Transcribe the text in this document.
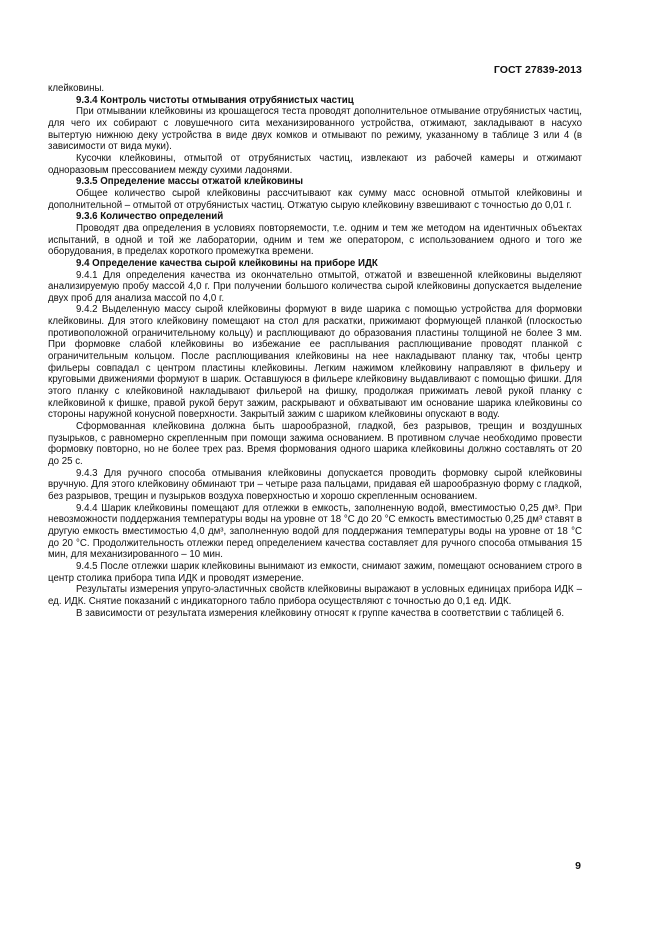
ГОСТ 27839-2013

клейковины.

9.3.4 Контроль чистоты отмывания отрубянистых частиц

При отмывании клейковины из крошащегося теста проводят дополнительное отмывание отрубянистых частиц, для чего их собирают с ловушечного сита механизированного устройства, отжимают, закладывают в насухо вытертую нижнюю деку устройства в виде двух комков и отмывают по режиму, указанному в таблице 3 или 4 (в зависимости от вида муки).

Кусочки клейковины, отмытой от отрубянистых частиц, извлекают из рабочей камеры и отжимают одноразовым прессованием между сухими ладонями.

9.3.5 Определение массы отжатой клейковины

Общее количество сырой клейковины рассчитывают как сумму масс основной отмытой клейковины и дополнительной – отмытой от отрубянистых частиц. Отжатую сырую клейковину взвешивают с точностью до 0,01 г.

9.3.6 Количество определений

Проводят два определения в условиях повторяемости, т.е. одним и тем же методом на идентичных объектах испытаний, в одной и той же лаборатории, одним и тем же оператором, с использованием одного и того же оборудования, в пределах короткого промежутка времени.

9.4 Определение качества сырой клейковины на приборе ИДК

9.4.1 Для определения качества из окончательно отмытой, отжатой и взвешенной клейковины выделяют анализируемую пробу массой 4,0 г. При получении большого количества сырой клейковины допускается выделение двух проб для анализа массой по 4,0 г.

9.4.2 Выделенную массу сырой клейковины формуют в виде шарика с помощью устройства для формовки клейковины. Для этого клейковину помещают на стол для раскатки, прижимают формующей планкой (плоскостью противоположной ограничительному кольцу) и расплющивают до образования пластины толщиной не более 3 мм. При формовке слабой клейковины во избежание ее расплывания расплющивание проводят планкой с ограничительным кольцом. После расплющивания клейковины на нее накладывают планку так, чтобы центр фильеры совпадал с центром пластины клейковины. Легким нажимом клейковину направляют в фильеру и круговыми движениями формуют в шарик. Оставшуюся в фильере клейковину выдавливают с помощью фишки. Для этого планку с клейковиной накладывают фильерой на фишку, продолжая прижимать левой рукой планку с клейковиной к фишке, правой рукой берут зажим, раскрывают и обхватывают им основание шарика клейковины со стороны наружной конусной поверхности. Закрытый зажим с шариком клейковины опускают в воду.

Сформованная клейковина должна быть шарообразной, гладкой, без разрывов, трещин и воздушных пузырьков, с равномерно скрепленным при помощи зажима основанием. В противном случае необходимо провести формовку повторно, но не более трех раз. Время формования одного шарика клейковины должно составлять от 20 до 25 с.

9.4.3 Для ручного способа отмывания клейковины допускается проводить формовку сырой клейковины вручную. Для этого клейковину обминают три – четыре раза пальцами, придавая ей шарообразную форму с гладкой, без разрывов, трещин и пузырьков воздуха поверхностью и хорошо скрепленным основанием.

9.4.4 Шарик клейковины помещают для отлежки в емкость, заполненную водой, вместимостью 0,25 дм³. При невозможности поддержания температуры воды на уровне от 18 °С до 20 °С емкость вместимостью 0,25 дм³ ставят в другую емкость вместимостью 4,0 дм³, заполненную водой для поддержания температуры воды на уровне от 18 °С до 20 °С. Продолжительность отлежки перед определением качества составляет для ручного способа отмывания 15 мин, для механизированного – 10 мин.

9.4.5 После отлежки шарик клейковины вынимают из емкости, снимают зажим, помещают основанием строго в центр столика прибора типа ИДК и проводят измерение.

Результаты измерения упруго-эластичных свойств клейковины выражают в условных единицах прибора ИДК – ед. ИДК. Снятие показаний с индикаторного табло прибора осуществляют с точностью до 0,1 ед. ИДК.

В зависимости от результата измерения клейковину относят к группе качества в соответствии с таблицей 6.

9
